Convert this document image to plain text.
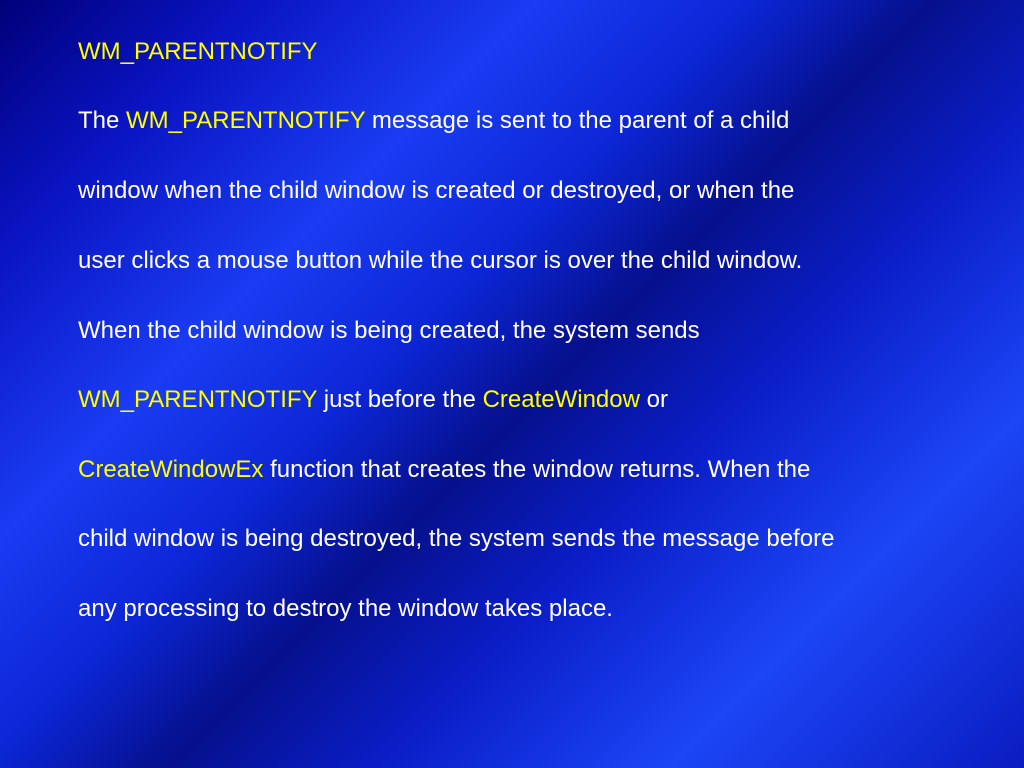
WM_PARENTNOTIFY

The WM_PARENTNOTIFY message is sent to the parent of a child

window when the child window is created or destroyed, or when the

user clicks a mouse button while the cursor is over the child window.

When the child window is being created, the system sends

WM_PARENTNOTIFY just before the CreateWindow or

CreateWindowEx function that creates the window returns. When the

child window is being destroyed, the system sends the message before

any processing to destroy the window takes place.
